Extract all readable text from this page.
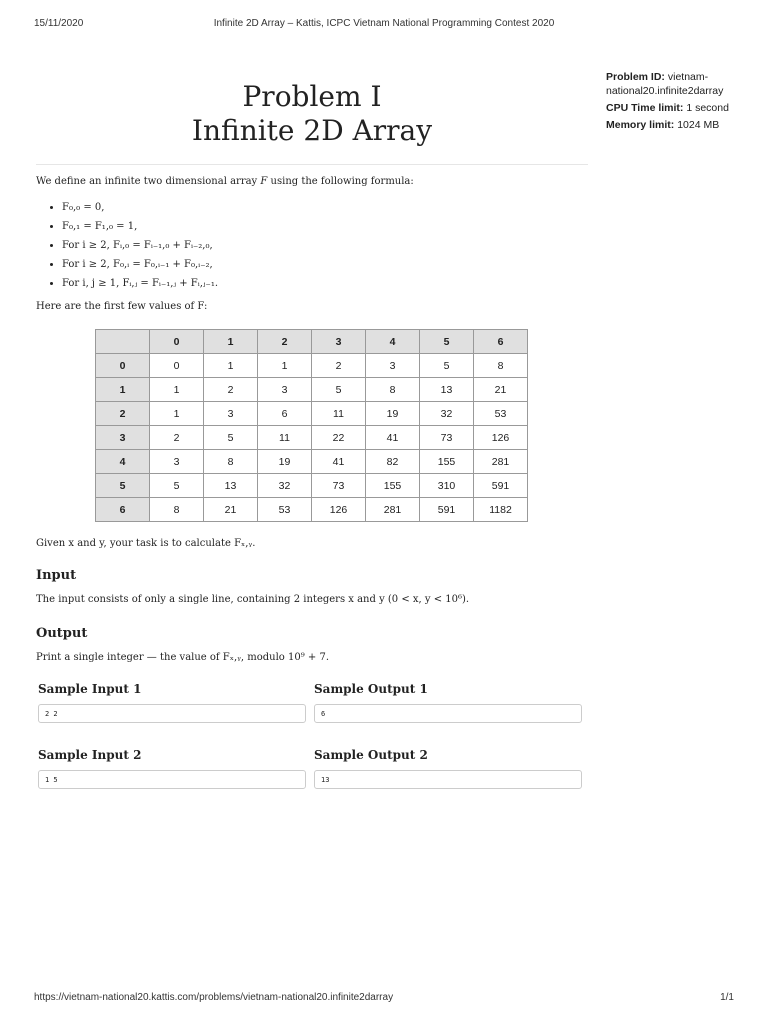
15/11/2020	Infinite 2D Array – Kattis, ICPC Vietnam National Programming Contest 2020
Problem I
Infinite 2D Array
Problem ID: vietnam-national20.infinite2darray
CPU Time limit: 1 second
Memory limit: 1024 MB
We define an infinite two dimensional array F using the following formula:
• F₀,₀ = 0,
• F₀,₁ = F₁,₀ = 1,
• For i ≥ 2, Fᵢ,₀ = Fᵢ₋₁,₀ + Fᵢ₋₂,₀,
• For i ≥ 2, F₀,ᵢ = F₀,ᵢ₋₁ + F₀,ᵢ₋₂,
• For i, j ≥ 1, Fᵢ,ⱼ = Fᵢ₋₁,ⱼ + Fᵢ,ⱼ₋₁.
Here are the first few values of F:
	0	1	2	3	4	5	6
0	0	1	1	2	3	5	8
1	1	2	3	5	8	13	21
2	1	3	6	11	19	32	53
3	2	5	11	22	41	73	126
4	3	8	19	41	82	155	281
5	5	13	32	73	155	310	591
6	8	21	53	126	281	591	1182
Given x and y, your task is to calculate Fₓ,ᵧ.
Input
The input consists of only a single line, containing 2 integers x and y (0 < x, y < 10⁶).
Output
Print a single integer — the value of Fₓ,ᵧ, modulo 10⁹ + 7.
Sample Input 1	Sample Output 1
2 2	6
Sample Input 2	Sample Output 2
1 5	13
https://vietnam-national20.kattis.com/problems/vietnam-national20.infinite2darray	1/1
